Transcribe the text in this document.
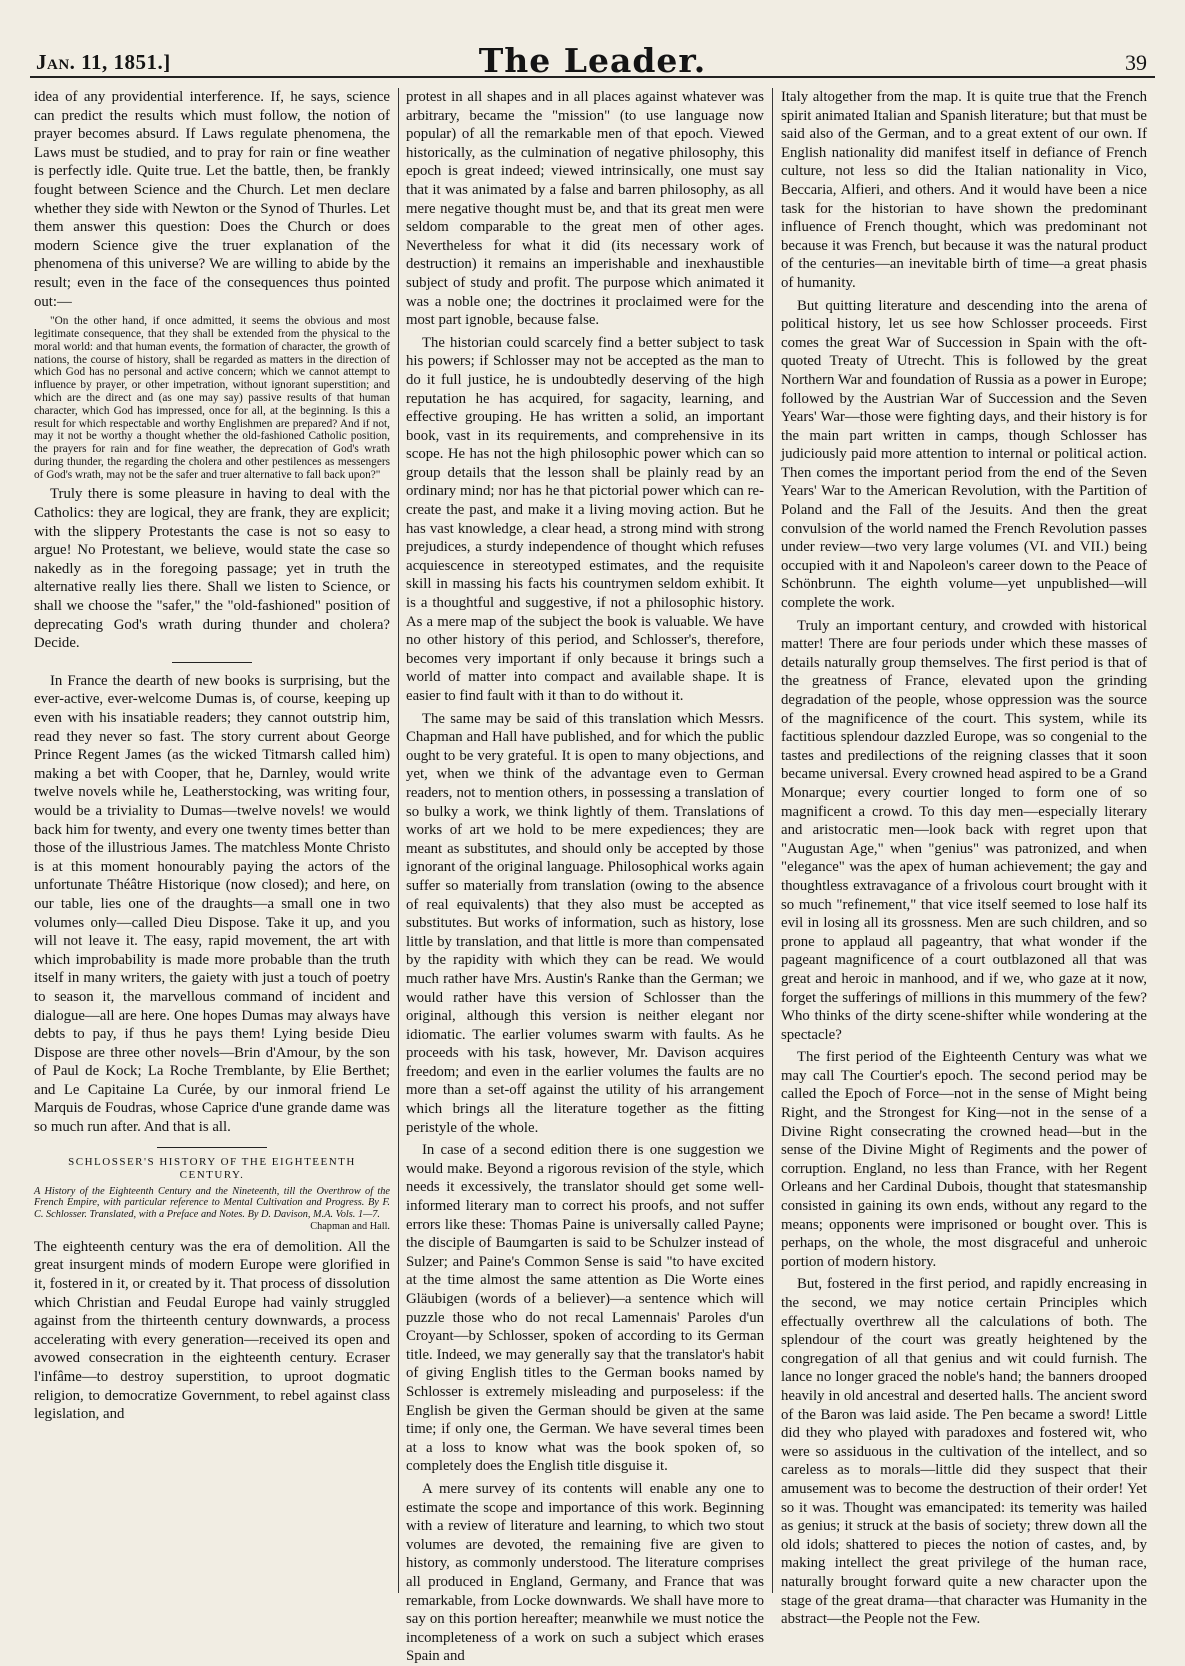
Jan. 11, 1851.]	The Leader.	39

idea of any providential interference. If, he says, science can predict the results which must follow, the notion of prayer becomes absurd. If Laws regulate phenomena, the Laws must be studied, and to pray for rain or fine weather is perfectly idle. Quite true. Let the battle, then, be frankly fought between Science and the Church. Let men declare whether they side with Newton or the Synod of Thurles. Let them answer this question: Does the Church or does modern Science give the truer explanation of the phenomena of this universe? We are willing to abide by the result; even in the face of the consequences thus pointed out:—

"On the other hand, if once admitted, it seems the obvious and most legitimate consequence, that they shall be extended from the physical to the moral world: and that human events, the formation of character, the growth of nations, the course of history, shall be regarded as matters in the direction of which God has no personal and active concern; which we cannot attempt to influence by prayer, or other impetration, without ignorant superstition; and which are the direct and (as one may say) passive results of that human character, which God has impressed, once for all, at the beginning. Is this a result for which respectable and worthy Englishmen are prepared? And if not, may it not be worthy a thought whether the old-fashioned Catholic position, the prayers for rain and for fine weather, the deprecation of God's wrath during thunder, the regarding the cholera and other pestilences as messengers of God's wrath, may not be the safer and truer alternative to fall back upon?"

Truly there is some pleasure in having to deal with the Catholics: they are logical, they are frank, they are explicit; with the slippery Protestants the case is not so easy to argue! No Protestant, we believe, would state the case so nakedly as in the foregoing passage; yet in truth the alternative really lies there. Shall we listen to Science, or shall we choose the "safer," the "old-fashioned" position of deprecating God's wrath during thunder and cholera? Decide.

In France the dearth of new books is surprising, but the ever-active, ever-welcome Dumas is, of course, keeping up even with his insatiable readers; they cannot outstrip him, read they never so fast. The story current about George Prince Regent James (as the wicked Titmarsh called him) making a bet with Cooper, that he, Darnley, would write twelve novels while he, Leatherstocking, was writing four, would be a triviality to Dumas—twelve novels! we would back him for twenty, and every one twenty times better than those of the illustrious James. The matchless Monte Christo is at this moment honourably paying the actors of the unfortunate Théâtre Historique (now closed); and here, on our table, lies one of the draughts—a small one in two volumes only—called Dieu Dispose. Take it up, and you will not leave it. The easy, rapid movement, the art with which improbability is made more probable than the truth itself in many writers, the gaiety with just a touch of poetry to season it, the marvellous command of incident and dialogue—all are here. One hopes Dumas may always have debts to pay, if thus he pays them! Lying beside Dieu Dispose are three other novels—Brin d'Amour, by the son of Paul de Kock; La Roche Tremblante, by Elie Berthet; and Le Capitaine La Curée, by our inmoral friend Le Marquis de Foudras, whose Caprice d'une grande dame was so much run after. And that is all.

SCHLOSSER'S HISTORY OF THE EIGHTEENTH CENTURY.

A History of the Eighteenth Century and the Nineteenth, till the Overthrow of the French Empire, with particular reference to Mental Cultivation and Progress. By F. C. Schlosser. Translated, with a Preface and Notes. By D. Davison, M.A. Vols. 1—7.
Chapman and Hall.

The eighteenth century was the era of demolition. All the great insurgent minds of modern Europe were glorified in it, fostered in it, or created by it. That process of dissolution which Christian and Feudal Europe had vainly struggled against from the thirteenth century downwards, a process accelerating with every generation—received its open and avowed consecration in the eighteenth century. Ecraser l'infâme—to destroy superstition, to uproot dogmatic religion, to democratize Government, to rebel against class legislation, and

protest in all shapes and in all places against whatever was arbitrary, became the "mission" (to use language now popular) of all the remarkable men of that epoch. Viewed historically, as the culmination of negative philosophy, this epoch is great indeed; viewed intrinsically, one must say that it was animated by a false and barren philosophy, as all mere negative thought must be, and that its great men were seldom comparable to the great men of other ages. Nevertheless for what it did (its necessary work of destruction) it remains an imperishable and inexhaustible subject of study and profit. The purpose which animated it was a noble one; the doctrines it proclaimed were for the most part ignoble, because false.

The historian could scarcely find a better subject to task his powers; if Schlosser may not be accepted as the man to do it full justice, he is undoubtedly deserving of the high reputation he has acquired, for sagacity, learning, and effective grouping. He has written a solid, an important book, vast in its requirements, and comprehensive in its scope. He has not the high philosophic power which can so group details that the lesson shall be plainly read by an ordinary mind; nor has he that pictorial power which can re-create the past, and make it a living moving action. But he has vast knowledge, a clear head, a strong mind with strong prejudices, a sturdy independence of thought which refuses acquiescence in stereotyped estimates, and the requisite skill in massing his facts his countrymen seldom exhibit. It is a thoughtful and suggestive, if not a philosophic history. As a mere map of the subject the book is valuable. We have no other history of this period, and Schlosser's, therefore, becomes very important if only because it brings such a world of matter into compact and available shape. It is easier to find fault with it than to do without it.

The same may be said of this translation which Messrs. Chapman and Hall have published, and for which the public ought to be very grateful. It is open to many objections, and yet, when we think of the advantage even to German readers, not to mention others, in possessing a translation of so bulky a work, we think lightly of them. Translations of works of art we hold to be mere expediences; they are meant as substitutes, and should only be accepted by those ignorant of the original language. Philosophical works again suffer so materially from translation (owing to the absence of real equivalents) that they also must be accepted as substitutes. But works of information, such as history, lose little by translation, and that little is more than compensated by the rapidity with which they can be read. We would much rather have Mrs. Austin's Ranke than the German; we would rather have this version of Schlosser than the original, although this version is neither elegant nor idiomatic. The earlier volumes swarm with faults. As he proceeds with his task, however, Mr. Davison acquires freedom; and even in the earlier volumes the faults are no more than a set-off against the utility of his arrangement which brings all the literature together as the fitting peristyle of the whole.

In case of a second edition there is one suggestion we would make. Beyond a rigorous revision of the style, which needs it excessively, the translator should get some well-informed literary man to correct his proofs, and not suffer errors like these: Thomas Paine is universally called Payne; the disciple of Baumgarten is said to be Schulzer instead of Sulzer; and Paine's Common Sense is said "to have excited at the time almost the same attention as Die Worte eines Gläubigen (words of a believer)—a sentence which will puzzle those who do not recal Lamennais' Paroles d'un Croyant—by Schlosser, spoken of according to its German title. Indeed, we may generally say that the translator's habit of giving English titles to the German books named by Schlosser is extremely misleading and purposeless: if the English be given the German should be given at the same time; if only one, the German. We have several times been at a loss to know what was the book spoken of, so completely does the English title disguise it.

A mere survey of its contents will enable any one to estimate the scope and importance of this work. Beginning with a review of literature and learning, to which two stout volumes are devoted, the remaining five are given to history, as commonly understood. The literature comprises all produced in England, Germany, and France that was remarkable, from Locke downwards. We shall have more to say on this portion hereafter; meanwhile we must notice the incompleteness of a work on such a subject which erases Spain and

Italy altogether from the map. It is quite true that the French spirit animated Italian and Spanish literature; but that must be said also of the German, and to a great extent of our own. If English nationality did manifest itself in defiance of French culture, not less so did the Italian nationality in Vico, Beccaria, Alfieri, and others. And it would have been a nice task for the historian to have shown the predominant influence of French thought, which was predominant not because it was French, but because it was the natural product of the centuries—an inevitable birth of time—a great phasis of humanity.

But quitting literature and descending into the arena of political history, let us see how Schlosser proceeds. First comes the great War of Succession in Spain with the oft-quoted Treaty of Utrecht. This is followed by the great Northern War and foundation of Russia as a power in Europe; followed by the Austrian War of Succession and the Seven Years' War—those were fighting days, and their history is for the main part written in camps, though Schlosser has judiciously paid more attention to internal or political action. Then comes the important period from the end of the Seven Years' War to the American Revolution, with the Partition of Poland and the Fall of the Jesuits. And then the great convulsion of the world named the French Revolution passes under review—two very large volumes (VI. and VII.) being occupied with it and Napoleon's career down to the Peace of Schönbrunn. The eighth volume—yet unpublished—will complete the work.

Truly an important century, and crowded with historical matter! There are four periods under which these masses of details naturally group themselves. The first period is that of the greatness of France, elevated upon the grinding degradation of the people, whose oppression was the source of the magnificence of the court. This system, while its factitious splendour dazzled Europe, was so congenial to the tastes and predilections of the reigning classes that it soon became universal. Every crowned head aspired to be a Grand Monarque; every courtier longed to form one of so magnificent a crowd. To this day men—especially literary and aristocratic men—look back with regret upon that "Augustan Age," when "genius" was patronized, and when "elegance" was the apex of human achievement; the gay and thoughtless extravagance of a frivolous court brought with it so much "refinement," that vice itself seemed to lose half its evil in losing all its grossness. Men are such children, and so prone to applaud all pageantry, that what wonder if the pageant magnificence of a court outblazoned all that was great and heroic in manhood, and if we, who gaze at it now, forget the sufferings of millions in this mummery of the few? Who thinks of the dirty scene-shifter while wondering at the spectacle?

The first period of the Eighteenth Century was what we may call The Courtier's epoch. The second period may be called the Epoch of Force—not in the sense of Might being Right, and the Strongest for King—not in the sense of a Divine Right consecrating the crowned head—but in the sense of the Divine Might of Regiments and the power of corruption. England, no less than France, with her Regent Orleans and her Cardinal Dubois, thought that statesmanship consisted in gaining its own ends, without any regard to the means; opponents were imprisoned or bought over. This is perhaps, on the whole, the most disgraceful and unheroic portion of modern history.

But, fostered in the first period, and rapidly encreasing in the second, we may notice certain Principles which effectually overthrew all the calculations of both. The splendour of the court was greatly heightened by the congregation of all that genius and wit could furnish. The lance no longer graced the noble's hand; the banners drooped heavily in old ancestral and deserted halls. The ancient sword of the Baron was laid aside. The Pen became a sword! Little did they who played with paradoxes and fostered wit, who were so assiduous in the cultivation of the intellect, and so careless as to morals—little did they suspect that their amusement was to become the destruction of their order! Yet so it was. Thought was emancipated: its temerity was hailed as genius; it struck at the basis of society; threw down all the old idols; shattered to pieces the notion of castes, and, by making intellect the great privilege of the human race, naturally brought forward quite a new character upon the stage of the great drama—that character was Humanity in the abstract—the People not the Few.
